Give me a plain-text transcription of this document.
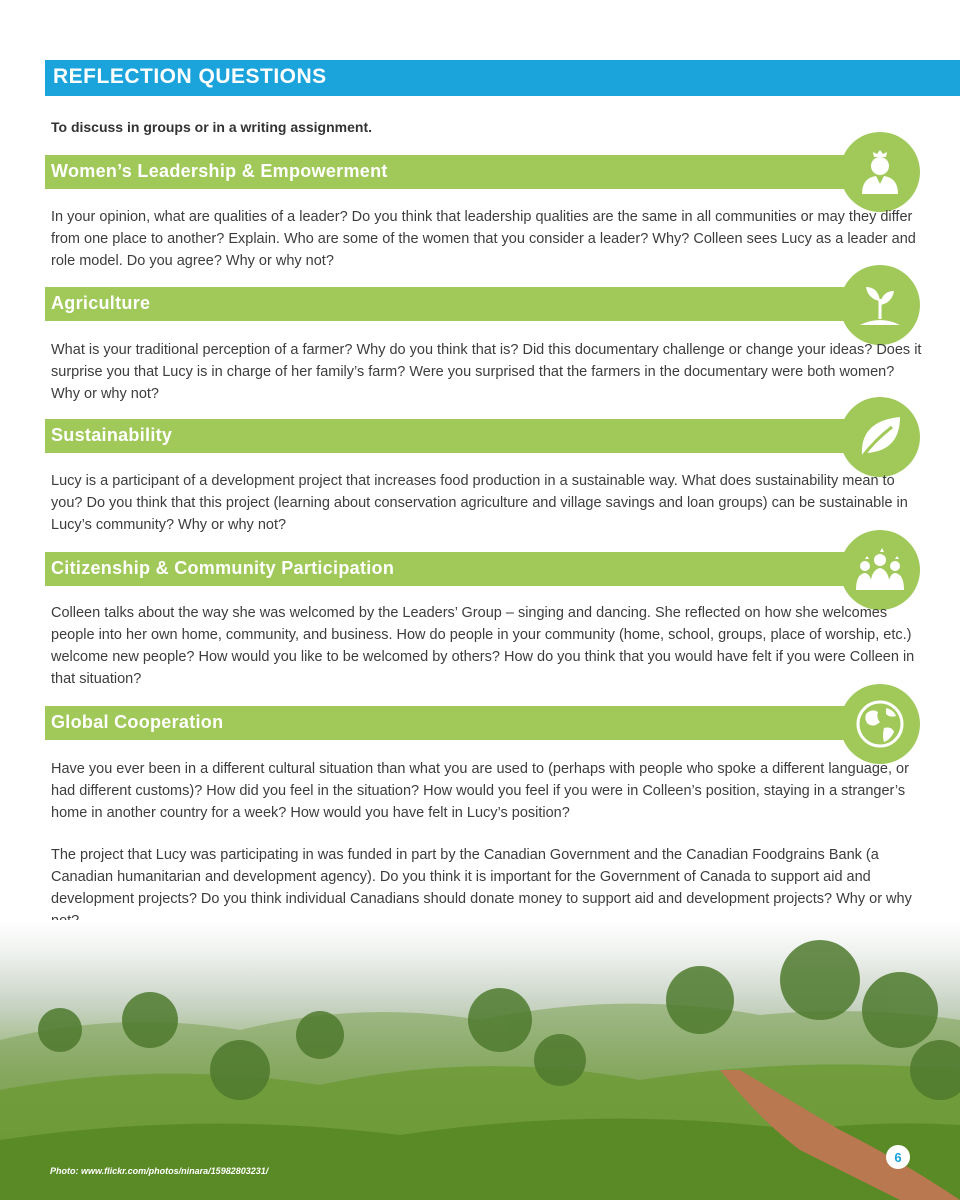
REFLECTION QUESTIONS
To discuss in groups or in a writing assignment.
Women’s Leadership & Empowerment

In your opinion, what are qualities of a leader? Do you think that leadership qualities are the same in all communities or may they differ from one place to another? Explain. Who are some of the women that you consider a leader? Why? Colleen sees Lucy as a leader and role model. Do you agree? Why or why not?

Agriculture

What is your traditional perception of a farmer? Why do you think that is? Did this documentary challenge or change your ideas? Does it surprise you that Lucy is in charge of her family’s farm? Were you surprised that the farmers in the documentary were both women? Why or why not?

Sustainability

Lucy is a participant of a development project that increases food production in a sustainable way. What does sustainability mean to you? Do you think that this project (learning about conservation agriculture and village savings and loan groups) can be sustainable in Lucy’s community? Why or why not?

Citizenship & Community Participation

Colleen talks about the way she was welcomed by the Leaders’ Group – singing and dancing. She reflected on how she welcomes people into her own home, community, and business. How do people in your community (home, school, groups, place of worship, etc.) welcome new people? How would you like to be welcomed by others? How do you think that you would have felt if you were Colleen in that situation?

Global Cooperation

Have you ever been in a different cultural situation than what you are used to (perhaps with people who spoke a different language, or had different customs)? How did you feel in the situation? How would you feel if you were in Colleen’s position, staying in a stranger’s home in another country for a week? How would you have felt in Lucy’s position?

The project that Lucy was participating in was funded in part by the Canadian Government and the Canadian Foodgrains Bank (a Canadian humanitarian and development agency). Do you think it is important for the Government of Canada to support aid and development projects? Do you think individual Canadians should donate money to support aid and development projects? Why or why

Photo: www.flickr.com/photos/ninara/15982803231/
6
